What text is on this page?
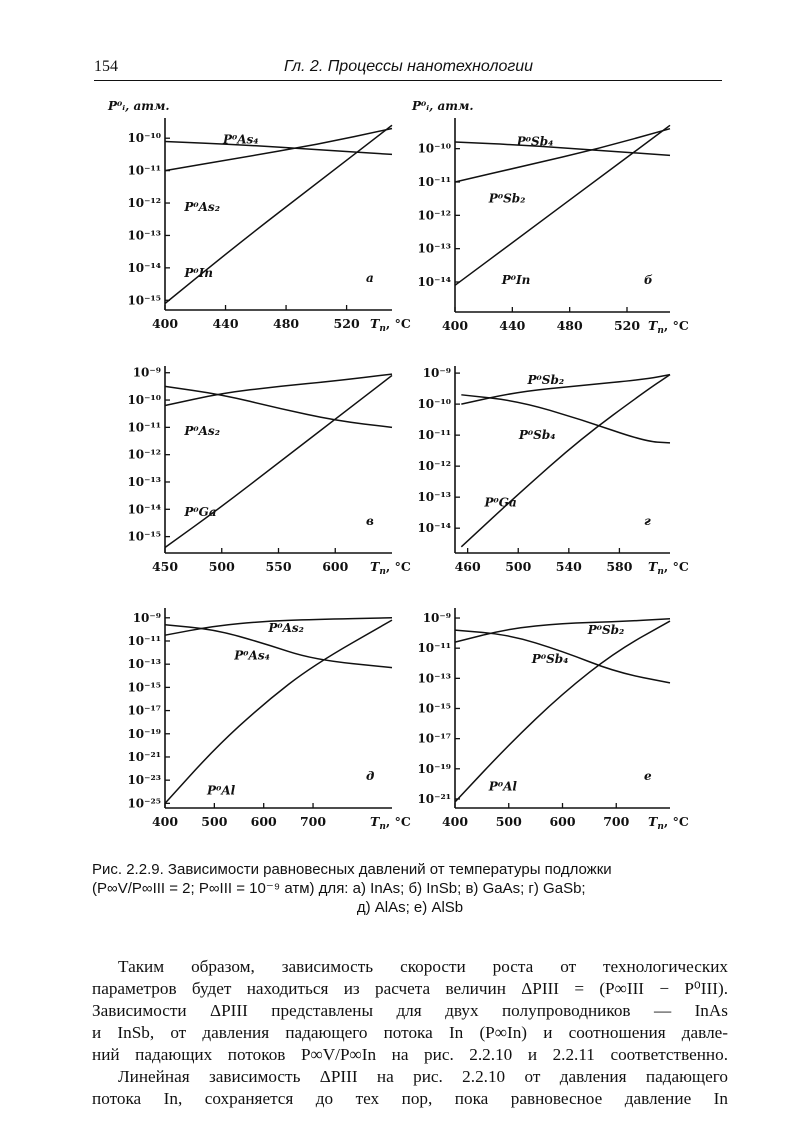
154	Гл. 2. Процессы нанотехнологии
10⁻¹⁰
10⁻¹¹
10⁻¹²
10⁻¹³
10⁻¹⁴
10⁻¹⁵
400	440	480	520 $T_п$, °C
P⁰ᵢ, атм.
а
P⁰As₄
P⁰As₂
P⁰In
10⁻¹⁰
10⁻¹¹
10⁻¹²
10⁻¹³
10⁻¹⁴
400 440 480 520 $T_п$, °C
P⁰ᵢ, атм.
б
P⁰Sb₄
P⁰Sb₂
P⁰In
10⁻⁹
10⁻¹⁰
10⁻¹¹
10⁻¹²
10⁻¹³
10⁻¹⁴
10⁻¹⁵
450 500 550 600 $T_п$, °C
в
P⁰As₂
P⁰Ga
10⁻⁹
10⁻¹⁰
10⁻¹¹
10⁻¹²
10⁻¹³
10⁻¹⁴
460 500 540 580 $T_п$, °C
г
P⁰Sb₂
P⁰Sb₄
P⁰Ga
10⁻⁹
10⁻¹¹
10⁻¹³
10⁻¹⁵
10⁻¹⁷
10⁻¹⁹
10⁻²¹
10⁻²³
10⁻²⁵
400 500 600 700	$T_п$, °C
д
P⁰As₂
P⁰As₄
P⁰Al
10⁻⁹
10⁻¹¹
10⁻¹³
10⁻¹⁵
10⁻¹⁷
10⁻¹⁹
10⁻²¹
400 500 600 700 $T_п$, °C
е
P⁰Sb₂
P⁰Sb₄
P⁰Al
Рис. 2.2.9. Зависимости равновесных давлений от температуры подложки
(P∞V/P∞III = 2; P∞III = 10⁻⁹ атм) для: а) InAs; б) InSb; в) GaAs; г) GaSb;
д) AlAs; е) AlSb

Таким образом, зависимость скорости роста от технологических
параметров будет находиться из расчета величин ΔPIII = (P∞III − P⁰III).
Зависимости ΔPIII представлены для двух полупроводников — InAs
и InSb, от давления падающего потока In (P∞In) и соотношения давле-
ний падающих потоков P∞V/P∞In на рис. 2.2.10 и 2.2.11 соответственно.

Линейная зависимость ΔPIII на рис. 2.2.10 от давления падающего
потока In, сохраняется до тех пор, пока равновесное давление In
